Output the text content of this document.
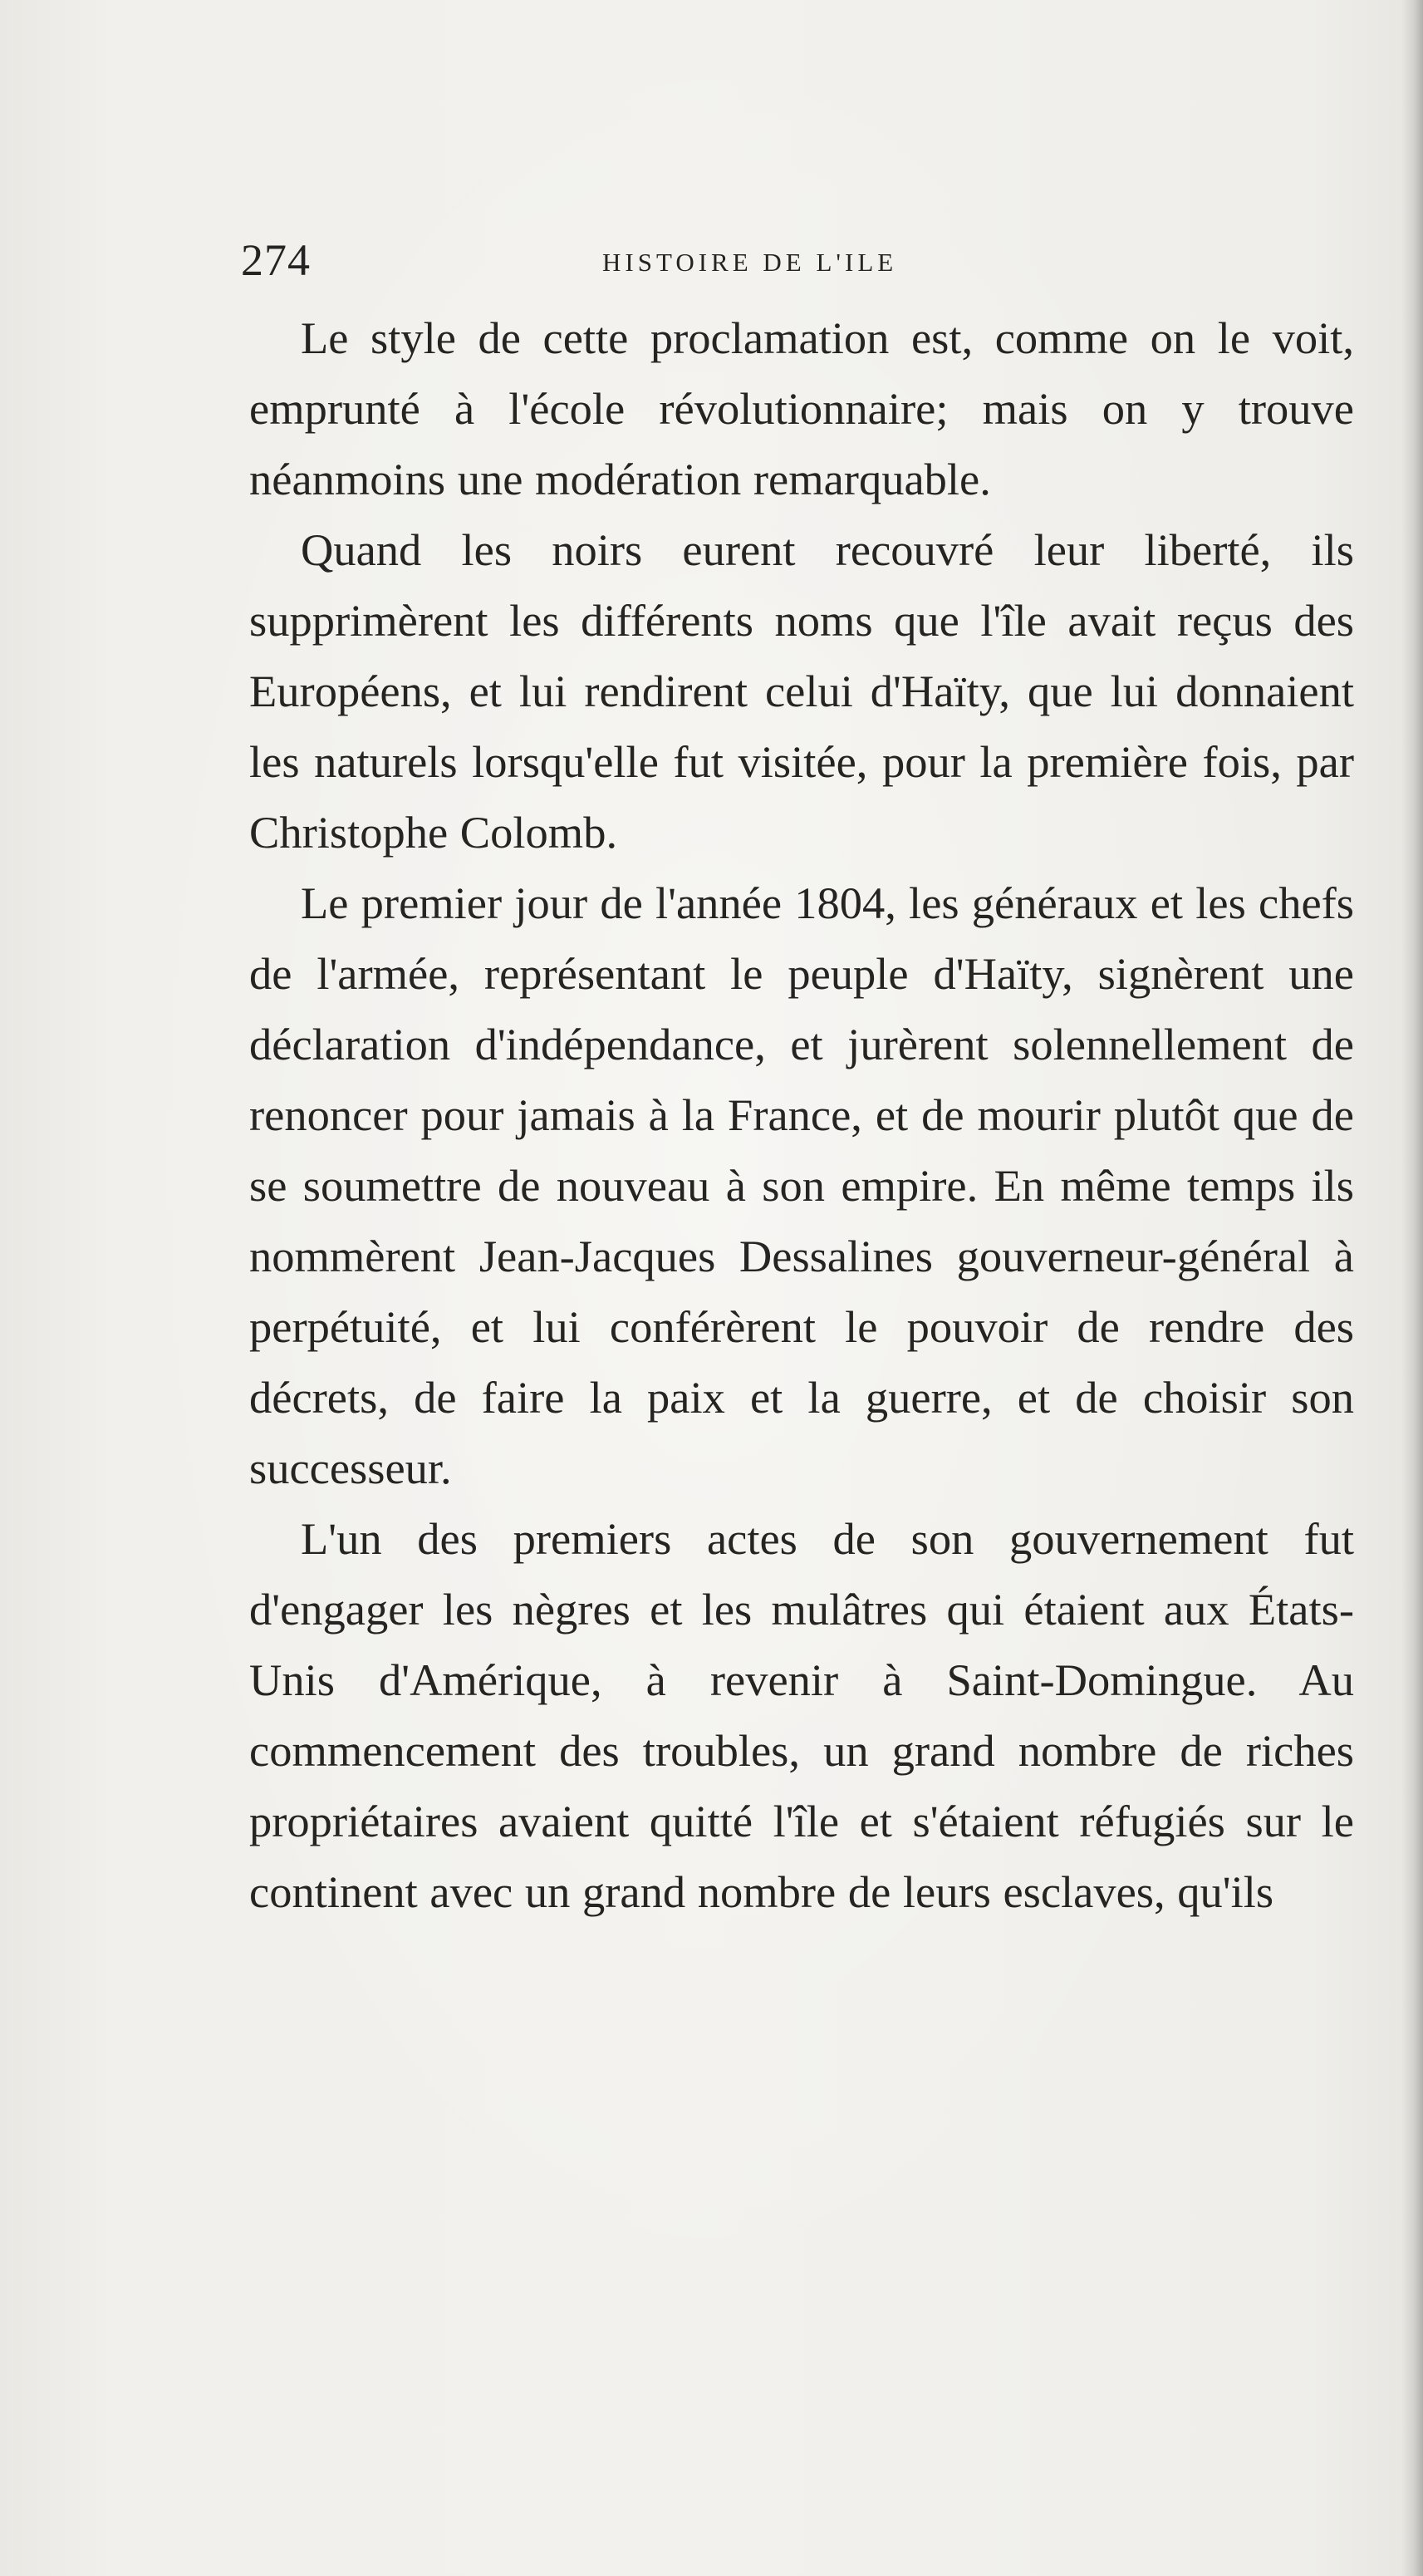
274	HISTOIRE DE L'ILE

Le style de cette proclamation est, comme on le voit, emprunté à l'école révolutionnaire; mais on y trouve néanmoins une modération remarquable.

Quand les noirs eurent recouvré leur liberté, ils supprimèrent les différents noms que l'île avait reçus des Européens, et lui rendirent celui d'Haïty, que lui donnaient les naturels lorsqu'elle fut visitée, pour la première fois, par Christophe Colomb.

Le premier jour de l'année 1804, les généraux et les chefs de l'armée, représentant le peuple d'Haïty, signèrent une déclaration d'indépendance, et jurèrent solennellement de renoncer pour jamais à la France, et de mourir plutôt que de se soumettre de nouveau à son empire. En même temps ils nommèrent Jean-Jacques Dessalines gouverneur-général à perpétuité, et lui conférèrent le pouvoir de rendre des décrets, de faire la paix et la guerre, et de choisir son successeur.

L'un des premiers actes de son gouvernement fut d'engager les nègres et les mulâtres qui étaient aux États-Unis d'Amérique, à revenir à Saint-Domingue. Au commencement des troubles, un grand nombre de riches propriétaires avaient quitté l'île et s'étaient réfugiés sur le continent avec un grand nombre de leurs esclaves, qu'ils
